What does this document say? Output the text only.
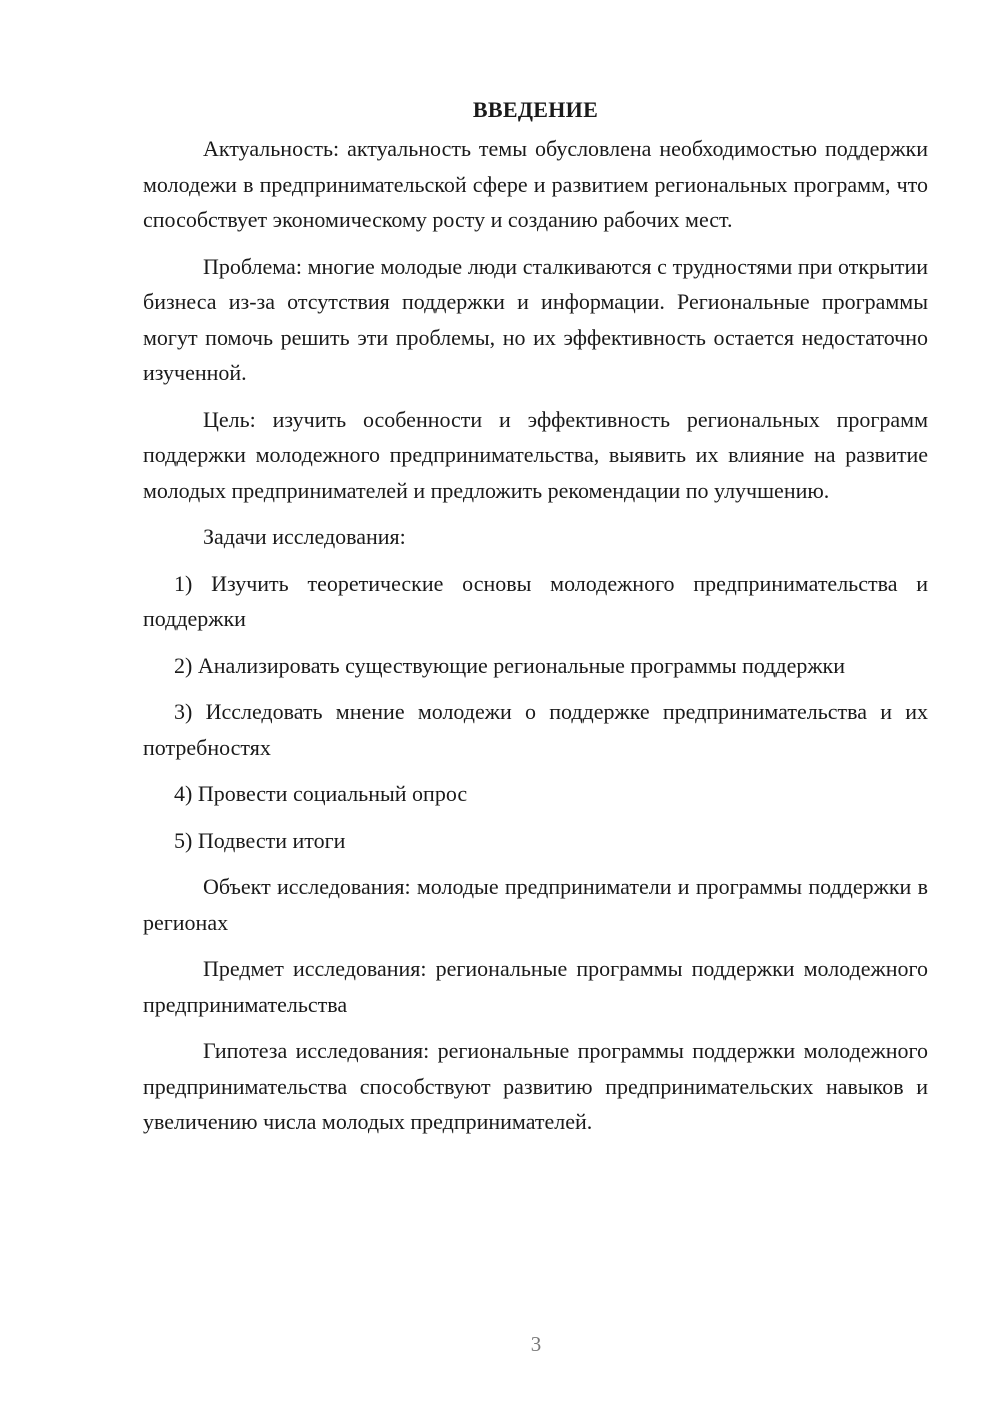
ВВЕДЕНИЕ

Актуальность: актуальность темы обусловлена необходимостью поддержки молодежи в предпринимательской сфере и развитием региональных программ, что способствует экономическому росту и созданию рабочих мест.

Проблема: многие молодые люди сталкиваются с трудностями при открытии бизнеса из-за отсутствия поддержки и информации. Региональные программы могут помочь решить эти проблемы, но их эффективность остается недостаточно изученной.

Цель: изучить особенности и эффективность региональных программ поддержки молодежного предпринимательства, выявить их влияние на развитие молодых предпринимателей и предложить рекомендации по улучшению.

Задачи исследования:

1) Изучить теоретические основы молодежного предпринимательства и поддержки

2) Анализировать существующие региональные программы поддержки

3) Исследовать мнение молодежи о поддержке предпринимательства и их потребностях

4) Провести социальный опрос

5) Подвести итоги

Объект исследования: молодые предприниматели и программы поддержки в регионах

Предмет исследования: региональные программы поддержки молодежного предпринимательства

Гипотеза исследования: региональные программы поддержки молодежного предпринимательства способствуют развитию предпринимательских навыков и увеличению числа молодых предпринимателей.

3
